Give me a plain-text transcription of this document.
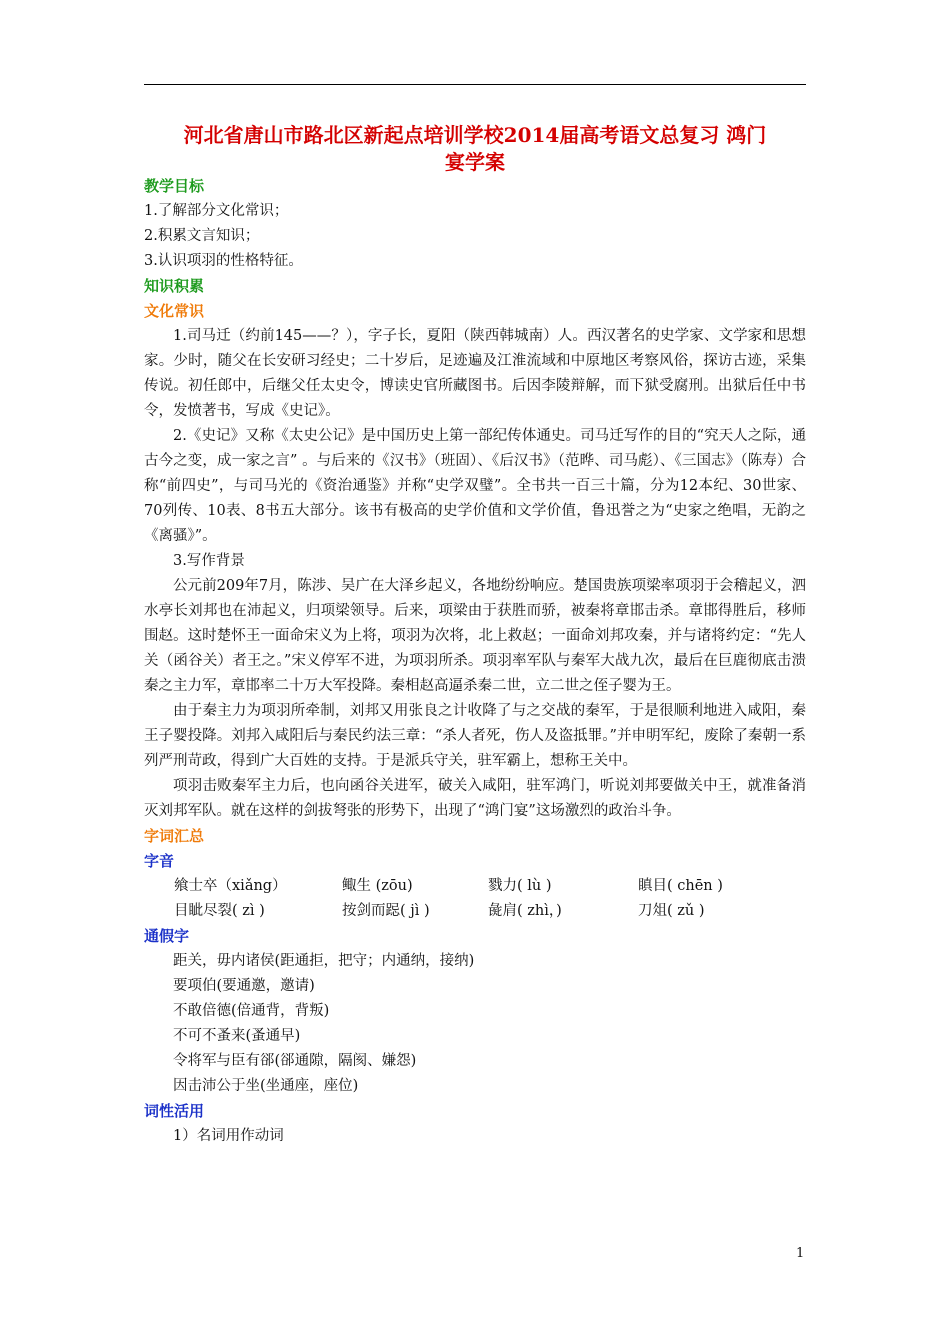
河北省唐山市路北区新起点培训学校2014届高考语文总复习 鸿门
宴学案

教学目标

1.了解部分文化常识；

2.积累文言知识；

3.认识项羽的性格特征。

知识积累

文化常识

1.司马迁（约前145——？），字子长，夏阳（陕西韩城南）人。西汉著名的史学家、文学家和思想家。少时，随父在长安研习经史；二十岁后，足迹遍及江淮流域和中原地区考察风俗，探访古迹，采集传说。初任郎中，后继父任太史令，博读史官所藏图书。后因李陵辩解，而下狱受腐刑。出狱后任中书令，发愤著书，写成《史记》。

2.《史记》又称《太史公记》是中国历史上第一部纪传体通史。司马迁写作的目的“究天人之际，通古今之变，成一家之言” 。与后来的《汉书》（班固）、《后汉书》（范晔、司马彪）、《三国志》（陈寿）合称“前四史”，与司马光的《资治通鉴》并称“史学双璧”。全书共一百三十篇，分为12本纪、30世家、70列传、10表、8书五大部分。该书有极高的史学价值和文学价值，鲁迅誉之为“史家之绝唱，无韵之《离骚》”。

3.写作背景

公元前209年7月，陈涉、吴广在大泽乡起义，各地纷纷响应。楚国贵族项梁率项羽于会稽起义，泗水亭长刘邦也在沛起义，归项梁领导。后来，项梁由于获胜而骄，被秦将章邯击杀。章邯得胜后，移师围赵。这时楚怀王一面命宋义为上将，项羽为次将，北上救赵；一面命刘邦攻秦，并与诸将约定：“先人关（函谷关）者王之。”宋义停军不进，为项羽所杀。项羽率军队与秦军大战九次，最后在巨鹿彻底击溃秦之主力军，章邯率二十万大军投降。秦相赵高逼杀秦二世，立二世之侄子婴为王。

由于秦主力为项羽所牵制，刘邦又用张良之计收降了与之交战的秦军，于是很顺利地进入咸阳，秦王子婴投降。刘邦入咸阳后与秦民约法三章：“杀人者死，伤人及盗抵罪。”并申明军纪，废除了秦朝一系列严刑苛政，得到广大百姓的支持。于是派兵守关，驻军霸上，想称王关中。

项羽击败秦军主力后，也向函谷关进军，破关入咸阳，驻军鸿门，听说刘邦要做关中王，就准备消灭刘邦军队。就在这样的剑拔弩张的形势下，出现了“鸿门宴”这场激烈的政治斗争。

字词汇总

字音

飨士卒（xiǎng）	鲰生 (zōu)	戮力( lù )	瞋目( chēn )
目眦尽裂( zì )	按剑而跽( jì )	彘肩( zhì，)	刀俎( zǔ )

通假字

距关，毋内诸侯(距通拒，把守；内通纳，接纳)

要项伯(要通邀，邀请)

不敢倍德(倍通背，背叛)

不可不蚤来(蚤通早)

令将军与臣有郤(郤通隙，隔阂、嫌怨)

因击沛公于坐(坐通座，座位)

词性活用

1）名词用作动词

1
